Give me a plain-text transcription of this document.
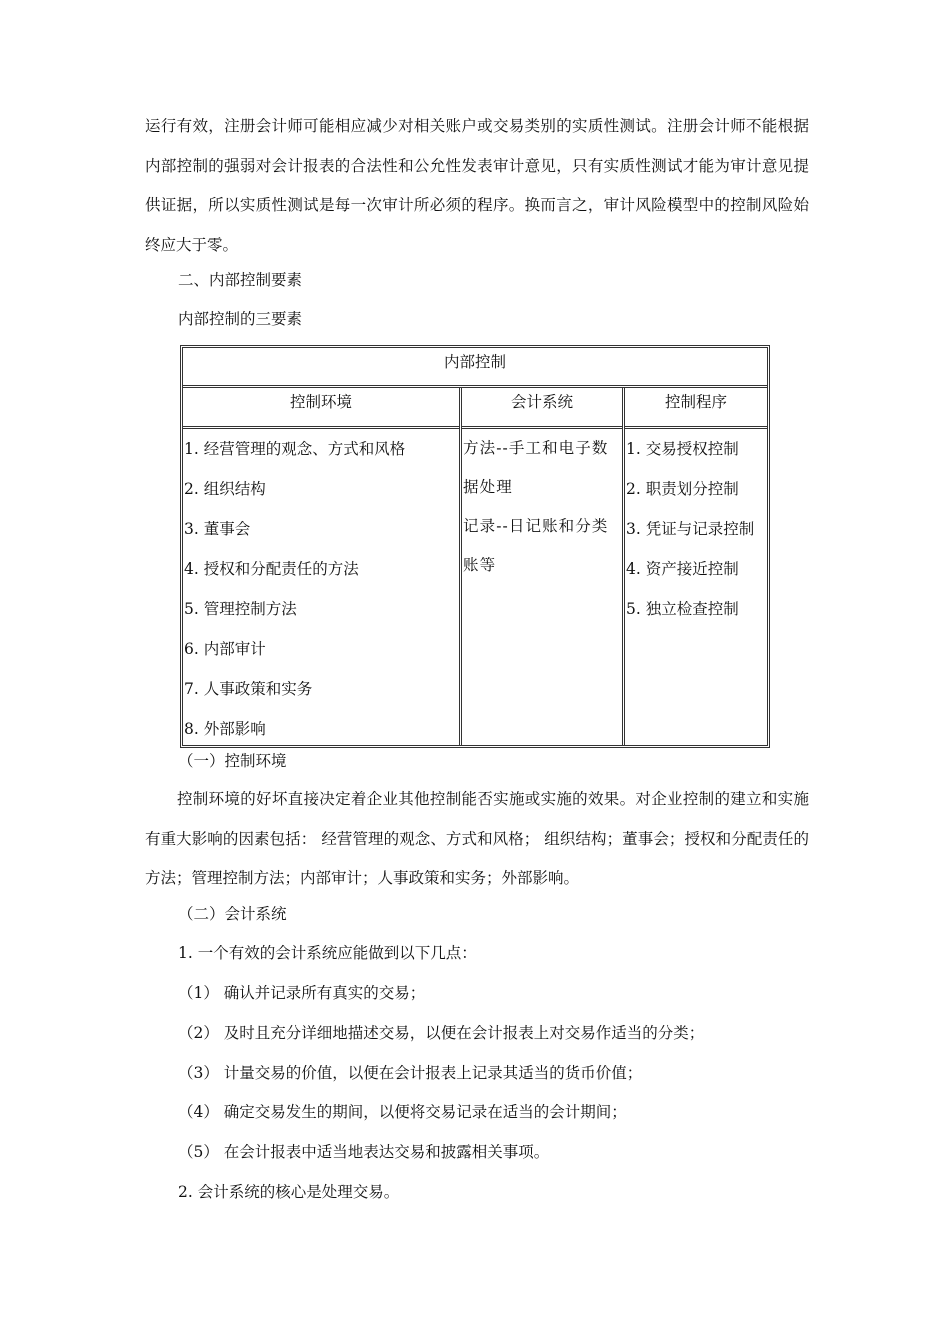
运行有效，注册会计师可能相应减少对相关账户或交易类别的实质性测试。注册会计师不能根据内部控制的强弱对会计报表的合法性和公允性发表审计意见，只有实质性测试才能为审计意见提供证据，所以实质性测试是每一次审计所必须的程序。换而言之，审计风险模型中的控制风险始终应大于零。

二、内部控制要素
内部控制的三要素
内部控制
控制环境
1. 经营管理的观念、方式和风格
2. 组织结构
3. 董事会
4. 授权和分配责任的方法
5. 管理控制方法
6. 内部审计
7. 人事政策和实务
8. 外部影响
会计系统
方法--手工和电子数据处理
记录--日记账和分类账等
控制程序
1. 交易授权控制
2. 职责划分控制
3. 凭证与记录控制
4. 资产接近控制
5. 独立检查控制
（一）控制环境

控制环境的好坏直接决定着企业其他控制能否实施或实施的效果。对企业控制的建立和实施有重大影响的因素包括： 经营管理的观念、方式和风格； 组织结构；董事会；授权和分配责任的方法；管理控制方法；内部审计；人事政策和实务；外部影响。

（二）会计系统
1. 一个有效的会计系统应能做到以下几点：
（1） 确认并记录所有真实的交易；
（2） 及时且充分详细地描述交易，以便在会计报表上对交易作适当的分类；
（3） 计量交易的价值，以便在会计报表上记录其适当的货币价值；
（4） 确定交易发生的期间，以便将交易记录在适当的会计期间；
（5） 在会计报表中适当地表达交易和披露相关事项。
2. 会计系统的核心是处理交易。
